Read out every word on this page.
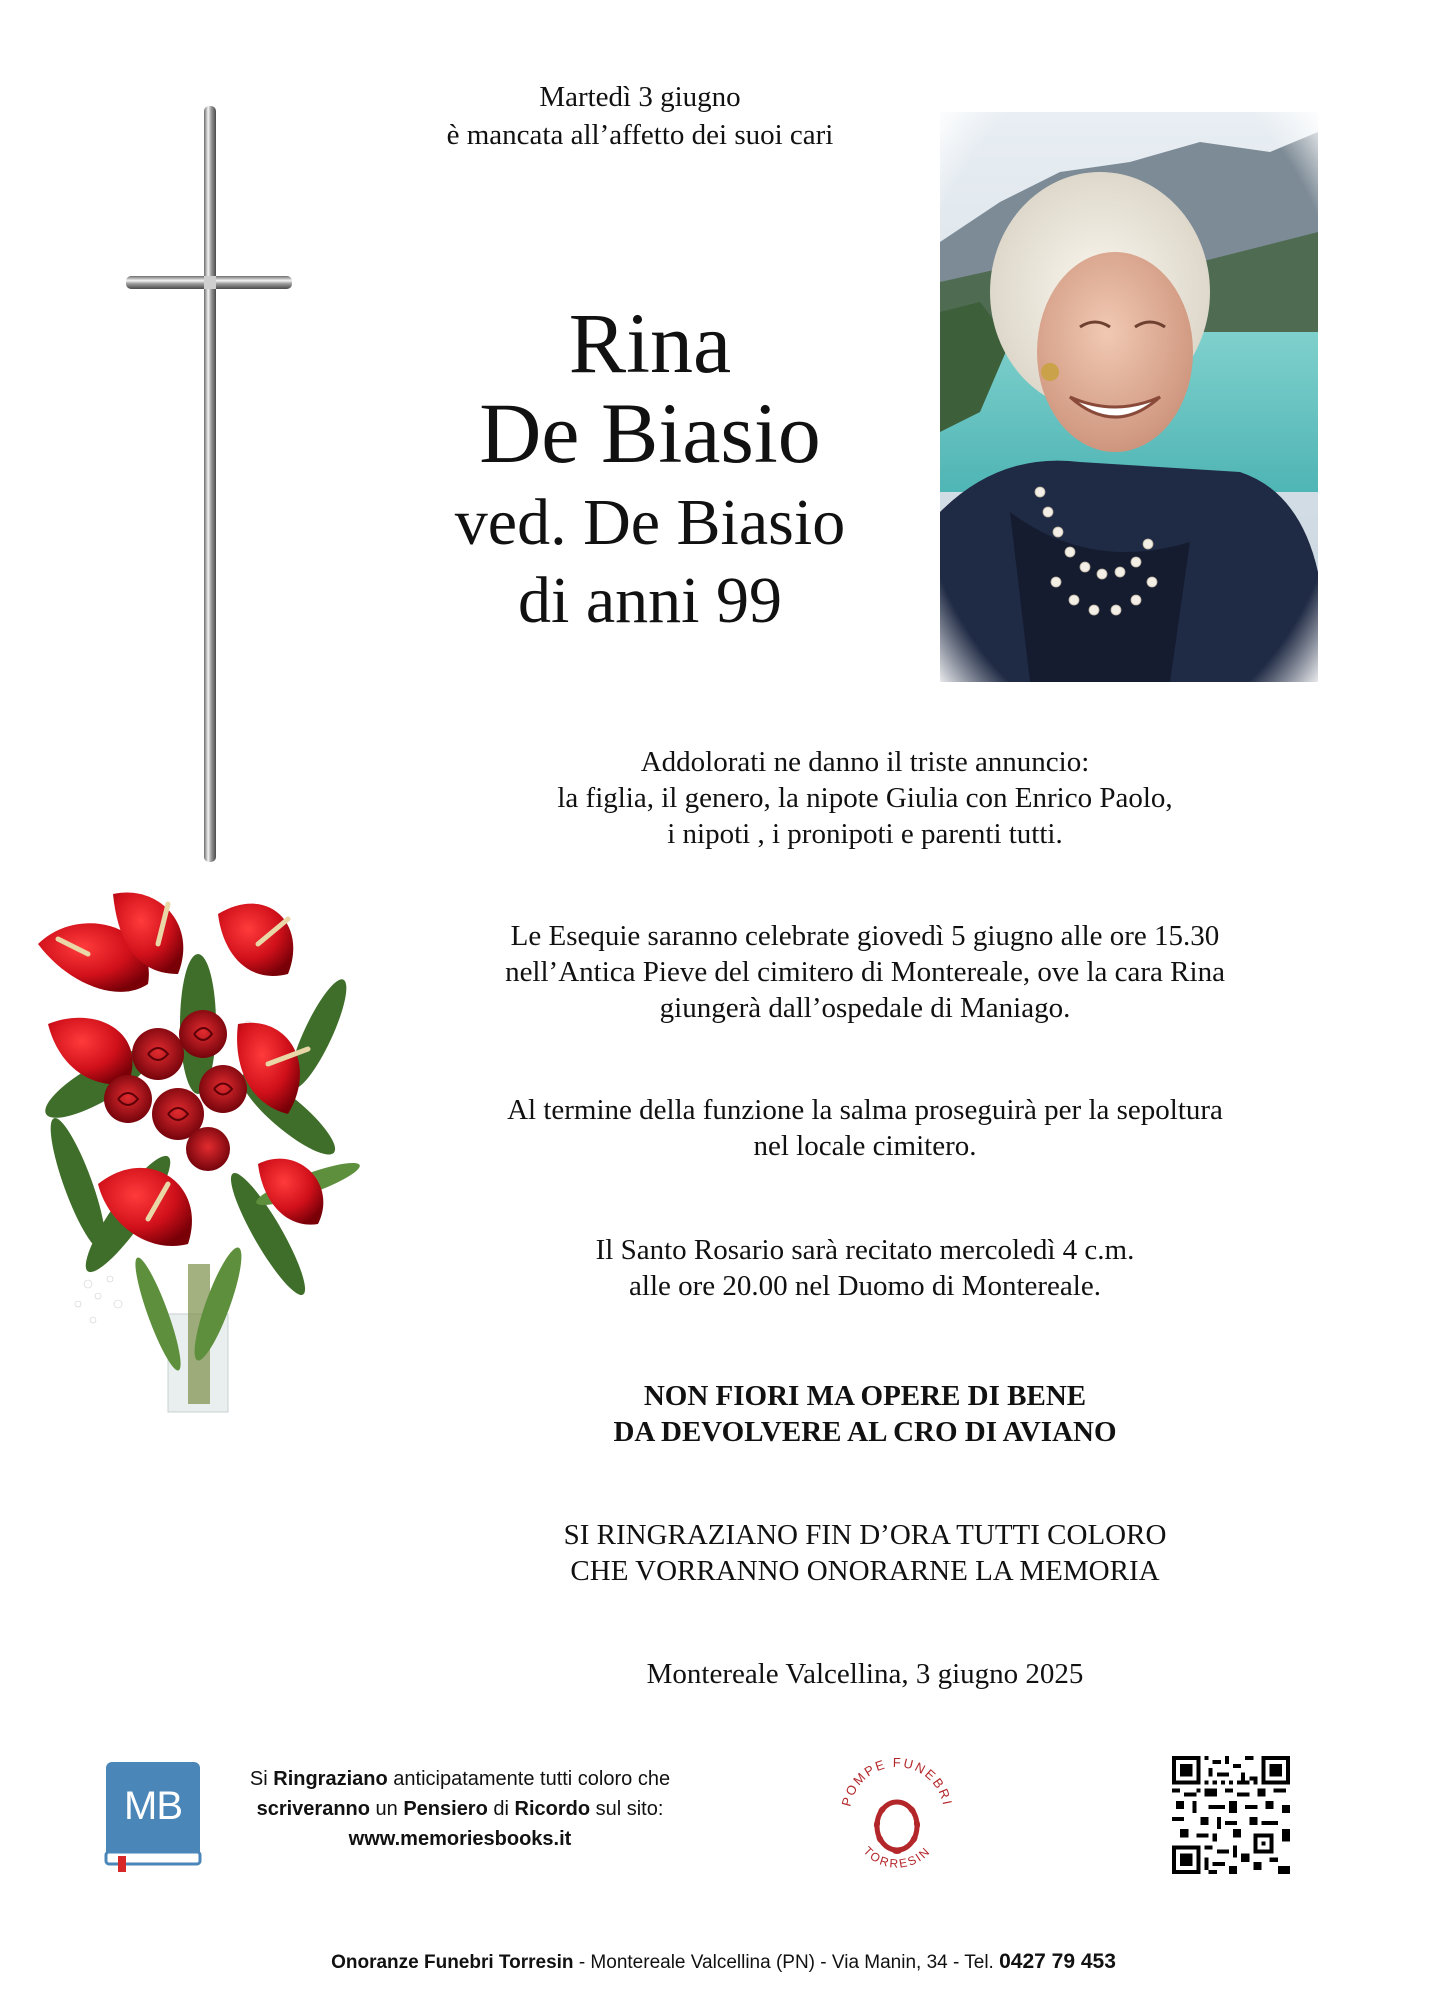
Martedì 3 giugno
è mancata all’affetto dei suoi cari
Rina
De Biasio
ved. De Biasio
di anni 99
Addolorati ne danno il triste annuncio:
la figlia, il genero, la nipote Giulia con Enrico Paolo,
i nipoti , i pronipoti e parenti tutti.
Le Esequie saranno celebrate giovedì 5 giugno alle ore 15.30
nell’Antica Pieve del cimitero di Montereale, ove la cara Rina
giungerà dall’ospedale di Maniago.
Al termine della funzione la salma proseguirà per la sepoltura
nel locale cimitero.
Il Santo Rosario sarà recitato mercoledì 4 c.m.
alle ore 20.00 nel Duomo di Montereale.
NON FIORI MA OPERE DI BENE
DA DEVOLVERE AL CRO DI AVIANO
SI RINGRAZIANO FIN D’ORA TUTTI COLORO
CHE VORRANNO ONORARNE LA MEMORIA
Montereale Valcellina, 3 giugno 2025
MB
Si Ringraziano anticipatamente tutti coloro che
scriveranno un Pensiero di Ricordo sul sito:
www.memoriesbooks.it
POMPE FUNEBRI
TORRESIN
Onoranze Funebri Torresin - Montereale Valcellina (PN) - Via Manin, 34 - Tel. 0427 79 453
